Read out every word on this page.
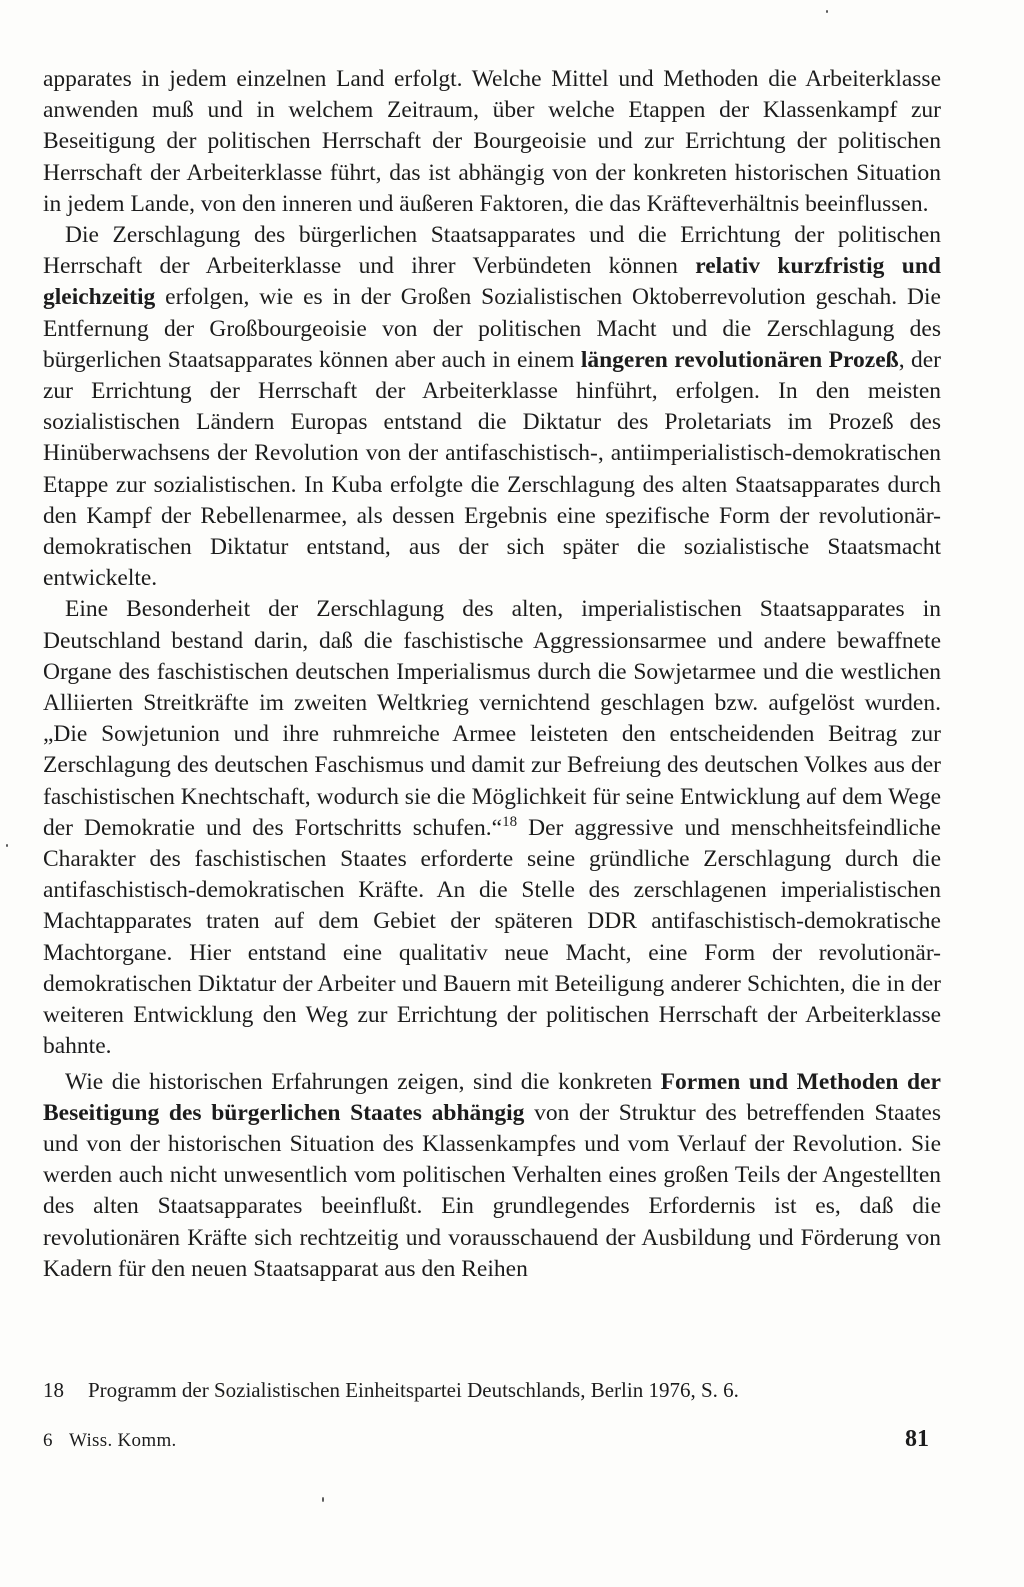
apparates in jedem einzelnen Land erfolgt. Welche Mittel und Methoden die Arbeiterklasse anwenden muß und in welchem Zeitraum, über welche Etappen der Klassenkampf zur Beseitigung der politischen Herrschaft der Bourgeoisie und zur Errichtung der politischen Herrschaft der Arbeiterklasse führt, das ist abhängig von der konkreten historischen Situation in jedem Lande, von den inneren und äußeren Faktoren, die das Kräfteverhältnis beeinflussen.

Die Zerschlagung des bürgerlichen Staatsapparates und die Errichtung der politischen Herrschaft der Arbeiterklasse und ihrer Verbündeten können relativ kurzfristig und gleichzeitig erfolgen, wie es in der Großen Sozialistischen Oktoberrevolution geschah. Die Entfernung der Großbourgeoisie von der politischen Macht und die Zerschlagung des bürgerlichen Staatsapparates können aber auch in einem längeren revolutionären Prozeß, der zur Errichtung der Herrschaft der Arbeiterklasse hinführt, erfolgen. In den meisten sozialistischen Ländern Europas entstand die Diktatur des Proletariats im Prozeß des Hinüberwachsens der Revolution von der antifaschistisch-, antiimperialistisch-demokratischen Etappe zur sozialistischen. In Kuba erfolgte die Zerschlagung des alten Staatsapparates durch den Kampf der Rebellenarmee, als dessen Ergebnis eine spezifische Form der revolutionär-demokratischen Diktatur entstand, aus der sich später die sozialistische Staatsmacht entwickelte.

Eine Besonderheit der Zerschlagung des alten, imperialistischen Staatsapparates in Deutschland bestand darin, daß die faschistische Aggressionsarmee und andere bewaffnete Organe des faschistischen deutschen Imperialismus durch die Sowjetarmee und die westlichen Alliierten Streitkräfte im zweiten Weltkrieg vernichtend geschlagen bzw. aufgelöst wurden. „Die Sowjetunion und ihre ruhmreiche Armee leisteten den entscheidenden Beitrag zur Zerschlagung des deutschen Faschismus und damit zur Befreiung des deutschen Volkes aus der faschistischen Knechtschaft, wodurch sie die Möglichkeit für seine Entwicklung auf dem Wege der Demokratie und des Fortschritts schufen.“$^{18}$ Der aggressive und menschheitsfeindliche Charakter des faschistischen Staates erforderte seine gründliche Zerschlagung durch die antifaschistisch-demokratischen Kräfte. An die Stelle des zerschlagenen imperialistischen Machtapparates traten auf dem Gebiet der späteren DDR antifaschistisch-demokratische Machtorgane. Hier entstand eine qualitativ neue Macht, eine Form der revolutionär-demokratischen Diktatur der Arbeiter und Bauern mit Beteiligung anderer Schichten, die in der weiteren Entwicklung den Weg zur Errichtung der politischen Herrschaft der Arbeiterklasse bahnte.

Wie die historischen Erfahrungen zeigen, sind die konkreten Formen und Methoden der Beseitigung des bürgerlichen Staates abhängig von der Struktur des betreffenden Staates und von der historischen Situation des Klassenkampfes und vom Verlauf der Revolution. Sie werden auch nicht unwesentlich vom politischen Verhalten eines großen Teils der Angestellten des alten Staatsapparates beeinflußt. Ein grundlegendes Erfordernis ist es, daß die revolutionären Kräfte sich rechtzeitig und vorausschauend der Ausbildung und Förderung von Kadern für den neuen Staatsapparat aus den Reihen

18 Programm der Sozialistischen Einheitspartei Deutschlands, Berlin 1976, S. 6.
6 Wiss. Komm.	81
